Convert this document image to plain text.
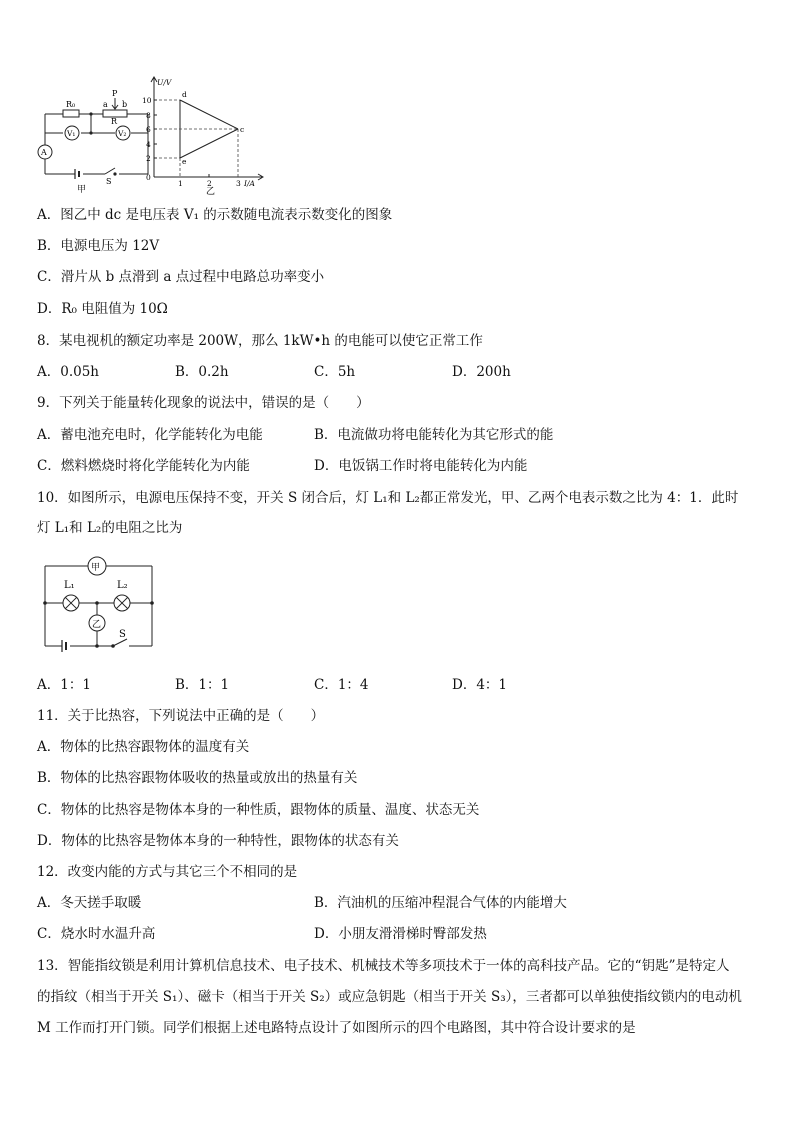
R₀
P
a b
R
V₁	V₂
A
S
甲
U/V
10
8
6
4
2
0
1	2	3 I/A
d
c
e
乙
A．图乙中 dc 是电压表 V₁ 的示数随电流表示数变化的图象
B．电源电压为 12V
C．滑片从 b 点滑到 a 点过程中电路总功率变小
D．R₀ 电阻值为 10Ω
8．某电视机的额定功率是 200W，那么 1kW•h 的电能可以使它正常工作
A．0.05h	B．0.2h	C．5h	D．200h
9．下列关于能量转化现象的说法中，错误的是（　　）
A．蓄电池充电时，化学能转化为电能	B．电流做功将电能转化为其它形式的能
C．燃料燃烧时将化学能转化为内能	D．电饭锅工作时将电能转化为内能
10．如图所示，电源电压保持不变，开关 S 闭合后，灯 L₁和 L₂都正常发光，甲、乙两个电表示数之比为 4：1．此时
灯 L₁和 L₂的电阻之比为
甲
L₁	L₂
乙
S
A．1：1	B．1：1	C．1：4	D．4：1
11．关于比热容，下列说法中正确的是（　　）
A．物体的比热容跟物体的温度有关
B．物体的比热容跟物体吸收的热量或放出的热量有关
C．物体的比热容是物体本身的一种性质，跟物体的质量、温度、状态无关
D．物体的比热容是物体本身的一种特性，跟物体的状态有关
12．改变内能的方式与其它三个不相同的是
A．冬天搓手取暖	B．汽油机的压缩冲程混合气体的内能增大
C．烧水时水温升高	D．小朋友滑滑梯时臀部发热
13．智能指纹锁是利用计算机信息技术、电子技术、机械技术等多项技术于一体的高科技产品。它的“钥匙”是特定人
的指纹（相当于开关 S₁）、磁卡（相当于开关 S₂）或应急钥匙（相当于开关 S₃），三者都可以单独使指纹锁内的电动机
M 工作而打开门锁。同学们根据上述电路特点设计了如图所示的四个电路图，其中符合设计要求的是
